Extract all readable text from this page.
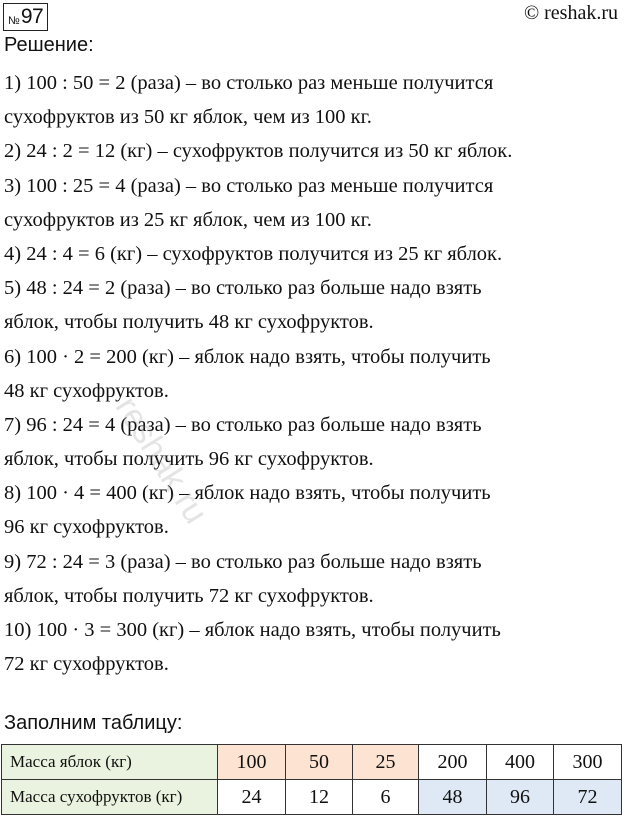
№ 97	© reshak.ru
Решение:
1) 100 : 50 = 2 (раза) – во столько раз меньше получится
сухофруктов из 50 кг яблок, чем из 100 кг.
2) 24 : 2 = 12 (кг) – сухофруктов получится из 50 кг яблок.
3) 100 : 25 = 4 (раза) – во столько раз меньше получится
сухофруктов из 25 кг яблок, чем из 100 кг.
4) 24 : 4 = 6 (кг) – сухофруктов получится из 25 кг яблок.
5) 48 : 24 = 2 (раза) – во столько раз больше надо взять
яблок, чтобы получить 48 кг сухофруктов.
6) 100 · 2 = 200 (кг) – яблок надо взять, чтобы получить
48 кг сухофруктов.
7) 96 : 24 = 4 (раза) – во столько раз больше надо взять
яблок, чтобы получить 96 кг сухофруктов.
8) 100 · 4 = 400 (кг) – яблок надо взять, чтобы получить
96 кг сухофруктов.
9) 72 : 24 = 3 (раза) – во столько раз больше надо взять
яблок, чтобы получить 72 кг сухофруктов.
10) 100 · 3 = 300 (кг) – яблок надо взять, чтобы получить
72 кг сухофруктов.
Заполним таблицу:
Масса яблок (кг)	100	50	25	200	400	300
Масса сухофруктов (кг)	24	12	6	48	96	72
reshak.ru
